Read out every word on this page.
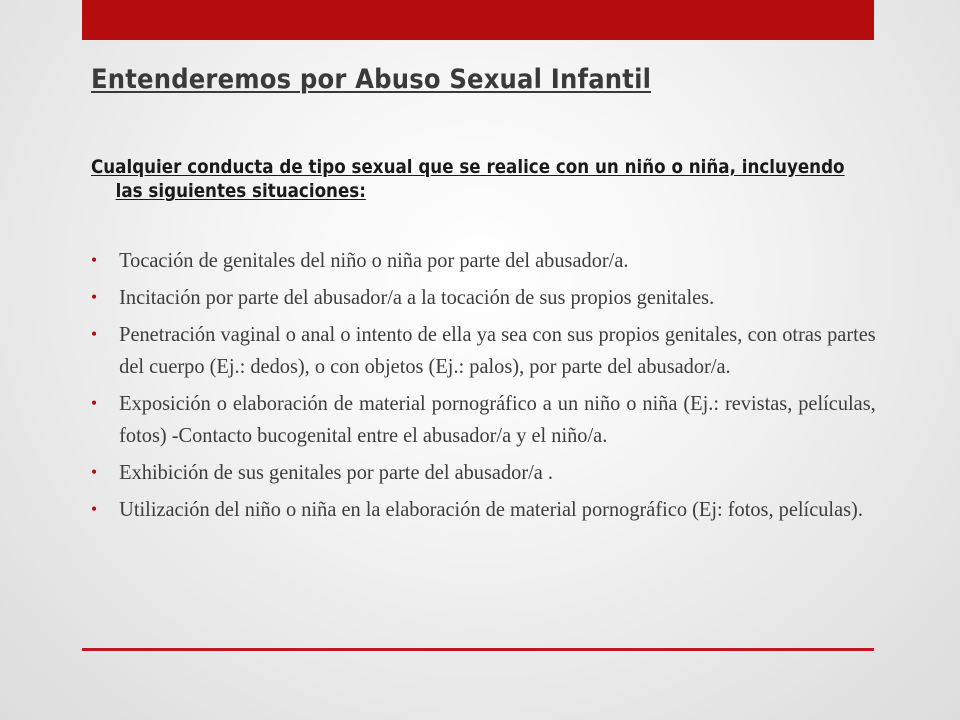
Entenderemos por Abuso Sexual Infantil

Cualquier conducta de tipo sexual que se realice con un niño o niña, incluyendo las siguientes situaciones:

• Tocación de genitales del niño o niña por parte del abusador/a.
• Incitación por parte del abusador/a a la tocación de sus propios genitales.
• Penetración vaginal o anal o intento de ella ya sea con sus propios genitales, con otras partes del cuerpo (Ej.: dedos), o con objetos (Ej.: palos), por parte del abusador/a.
• Exposición o elaboración de material pornográfico a un niño o niña (Ej.: revistas, películas, fotos) -Contacto bucogenital entre el abusador/a y el niño/a.
• Exhibición de sus genitales por parte del abusador/a .
• Utilización del niño o niña en la elaboración de material pornográfico (Ej: fotos, películas).
